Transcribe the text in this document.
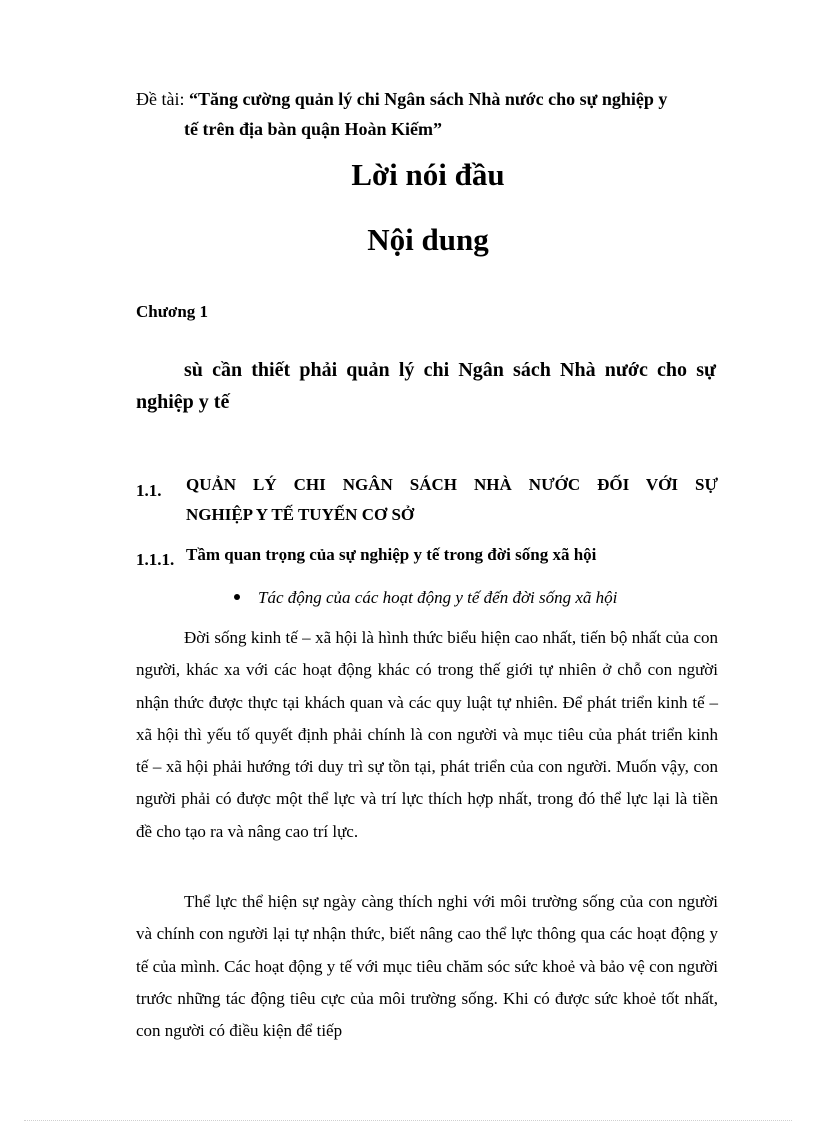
Đề tài: “Tăng cường quản lý chi Ngân sách Nhà nước cho sự nghiệp y
tế trên địa bàn quận Hoàn Kiếm”
Lời nói đầu
Nội dung
Chương 1
sù cần thiết phải quản lý chi Ngân sách Nhà nước cho sự
nghiệp y tế
1.1. QUẢN LÝ CHI NGÂN SÁCH NHÀ NƯỚC ĐỐI VỚI SỰ
NGHIỆP Y TẾ TUYẾN CƠ SỞ
1.1.1. Tầm quan trọng của sự nghiệp y tế trong đời sống xã hội
Tác động của các hoạt động y tế đến đời sống xã hội
Đời sống kinh tế – xã hội là hình thức biểu hiện cao nhất, tiến bộ nhất của con người, khác xa với các hoạt động khác có trong thế giới tự nhiên ở chỗ con người nhận thức được thực tại khách quan và các quy luật tự nhiên. Để phát triển kinh tế – xã hội thì yếu tố quyết định phải chính là con người và mục tiêu của phát triển kinh tế – xã hội phải hướng tới duy trì sự tồn tại, phát triển của con người. Muốn vậy, con người phải có được một thể lực và trí lực thích hợp nhất, trong đó thể lực lại là tiền đề cho tạo ra và nâng cao trí lực.
Thể lực thể hiện sự ngày càng thích nghi với môi trường sống của con người và chính con người lại tự nhận thức, biết nâng cao thể lực thông qua các hoạt động y tế của mình. Các hoạt động y tế với mục tiêu chăm sóc sức khoẻ và bảo vệ con người trước những tác động tiêu cực của môi trường sống. Khi có được sức khoẻ tốt nhất, con người có điều kiện để tiếp
